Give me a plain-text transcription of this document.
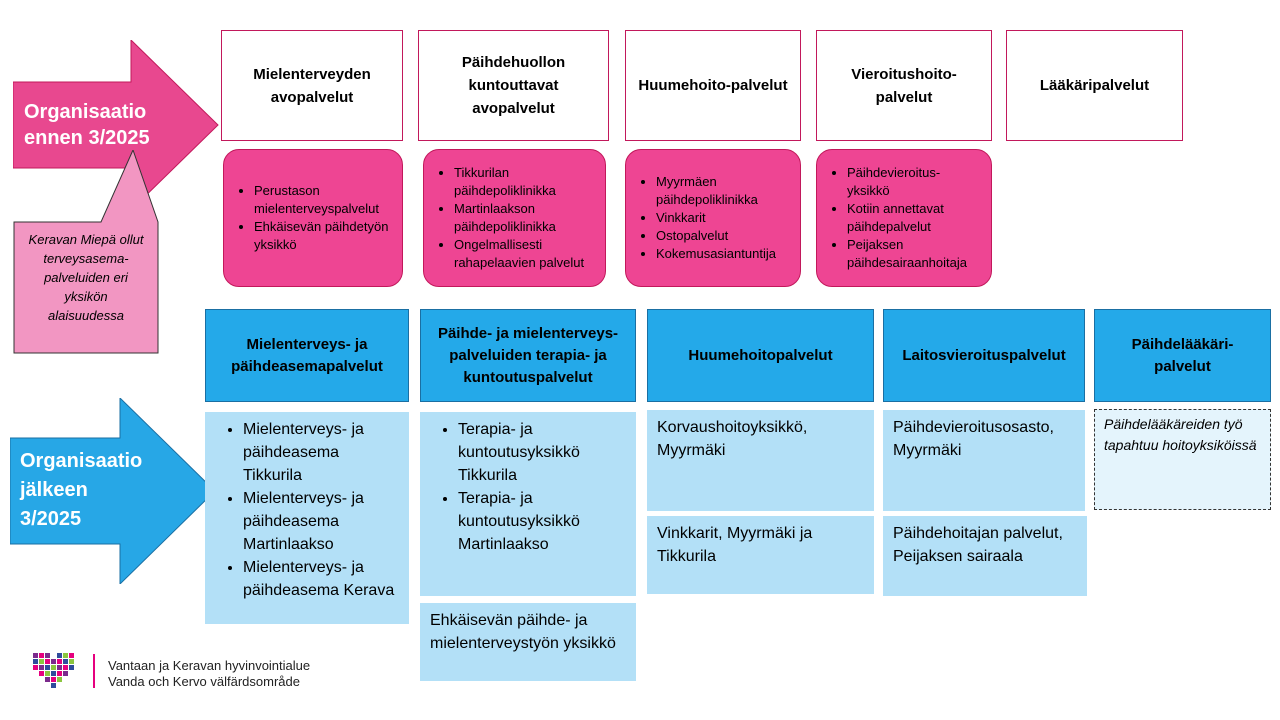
Organisaatio
ennen 3/2025
Keravan Miepä ollut terveysasema-palveluiden eri yksikön alaisuudessa
Mielenterveyden avopalvelut
Päihdehuollon kuntouttavat avopalvelut
Huumehoito-palvelut
Vieroitushoito-palvelut
Lääkäripalvelut
• Perustason mielenterveyspalvelut
• Ehkäisevän päihdetyön yksikkö
• Tikkurilan päihdepoliklinikka
• Martinlaakson päihdepoliklinikka
• Ongelmallisesti rahapelaavien palvelut
• Myyrmäen päihdepoliklinikka
• Vinkkarit
• Ostopalvelut
• Kokemusasiantuntija
• Päihdevieroitus-yksikkö
• Kotiin annettavat päihdepalvelut
• Peijaksen päihdesairaanhoitaja
Organisaatio
jälkeen
3/2025
Mielenterveys- ja päihdeasemapalvelut
Päihde- ja mielenterveys-palveluiden terapia- ja kuntoutuspalvelut
Huumehoitopalvelut	Laitosvieroituspalvelut
Päihdelääkäri-palvelut
• Mielenterveys- ja päihdeasema Tikkurila
• Mielenterveys- ja päihdeasema Martinlaakso
• Mielenterveys- ja päihdeasema Kerava
• Terapia- ja kuntoutusyksikkö Tikkurila
• Terapia- ja kuntoutusyksikkö Martinlaakso
Ehkäisevän päihde- ja mielenterveystyön yksikkö
Korvaushoitoyksikkö, Myyrmäki
Vinkkarit, Myyrmäki ja Tikkurila
Päihdevieroitusosasto, Myyrmäki
Päihdehoitajan palvelut, Peijaksen sairaala
Päihdelääkäreiden työ tapahtuu hoitoyksiköissä
Vantaan ja Keravan hyvinvointialue
Vanda och Kervo välfärdsområde
